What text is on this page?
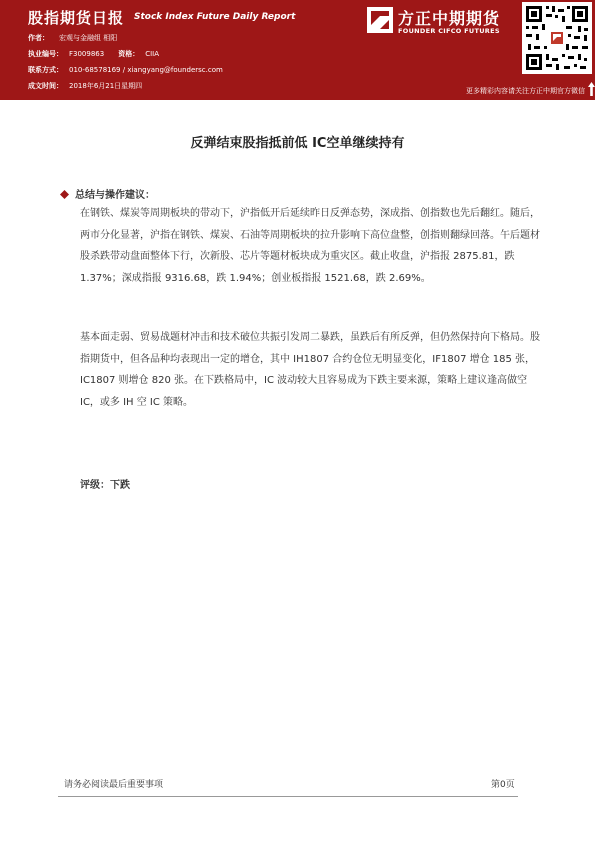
股指期货日报 Stock Index Future Daily Report
作者： 宏观与金融组 相阳
执业编号： F3009863 资格： CIIA
联系方式： 010-68578169 / xiangyang@foundersc.com
成文时间： 2018年6月21日星期四
方正中期期货
FOUNDER CIFCO FUTURES
更多精彩内容请关注方正中期官方微信
反弹结束股指抵前低 IC空单继续持有
总结与操作建议：
在钢铁、煤炭等周期板块的带动下，沪指低开后延续昨日反弹态势，深成指、创指数也先后翻红。随后，两市分化显著，沪指在钢铁、煤炭、石油等周期板块的拉升影响下高位盘整，创指则翻绿回落。午后题材股杀跌带动盘面整体下行，次新股、芯片等题材板块成为重灾区。截止收盘，沪指报 2875.81，跌 1.37%；深成指报 9316.68，跌 1.94%；创业板指报 1521.68，跌 2.69%。
基本面走弱、贸易战题材冲击和技术破位共振引发周二暴跌，虽跌后有所反弹，但仍然保持向下格局。股指期货中，但各品种均表现出一定的增仓，其中 IH1807 合约仓位无明显变化，IF1807 增仓 185 张，IC1807 则增仓 820 张。在下跌格局中，IC 波动较大且容易成为下跌主要来源，策略上建议逢高做空 IC，或多 IH 空 IC 策略。
评级：下跌
请务必阅读最后重要事项	第0页
